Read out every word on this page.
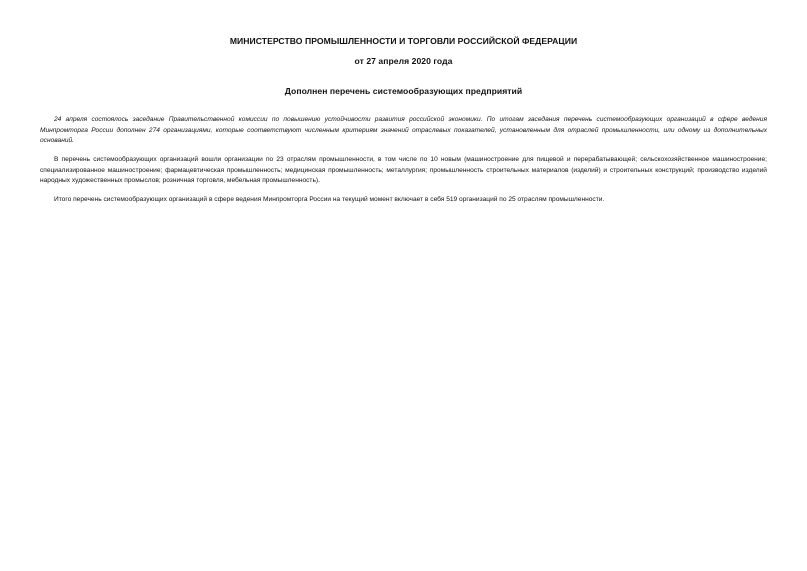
МИНИСТЕРСТВО ПРОМЫШЛЕННОСТИ И ТОРГОВЛИ РОССИЙСКОЙ ФЕДЕРАЦИИ
от 27 апреля 2020 года
Дополнен перечень системообразующих предприятий

24 апреля состоялось заседание Правительственной комиссии по повышению устойчивости развития российской экономики. По итогам заседания перечень системообразующих организаций в сфере ведения Минпромторга России дополнен 274 организациями, которые соответствуют численным критериям значений отраслевых показателей, установленным для отраслей промышленности, или одному из дополнительных оснований.

В перечень системообразующих организаций вошли организации по 23 отраслям промышленности, в том числе по 10 новым (машиностроение для пищевой и перерабатывающей; сельскохозяйственное машиностроение; специализированное машиностроение; фармацевтическая промышленность; медицинская промышленность; металлургия; промышленность строительных материалов (изделий) и строительных конструкций; производство изделий народных художественных промыслов; розничная торговля, мебельная промышленность).

Итого перечень системообразующих организаций в сфере ведения Минпромторга России на текущий момент включает в себя 519 организаций по 25 отраслям промышленности.
